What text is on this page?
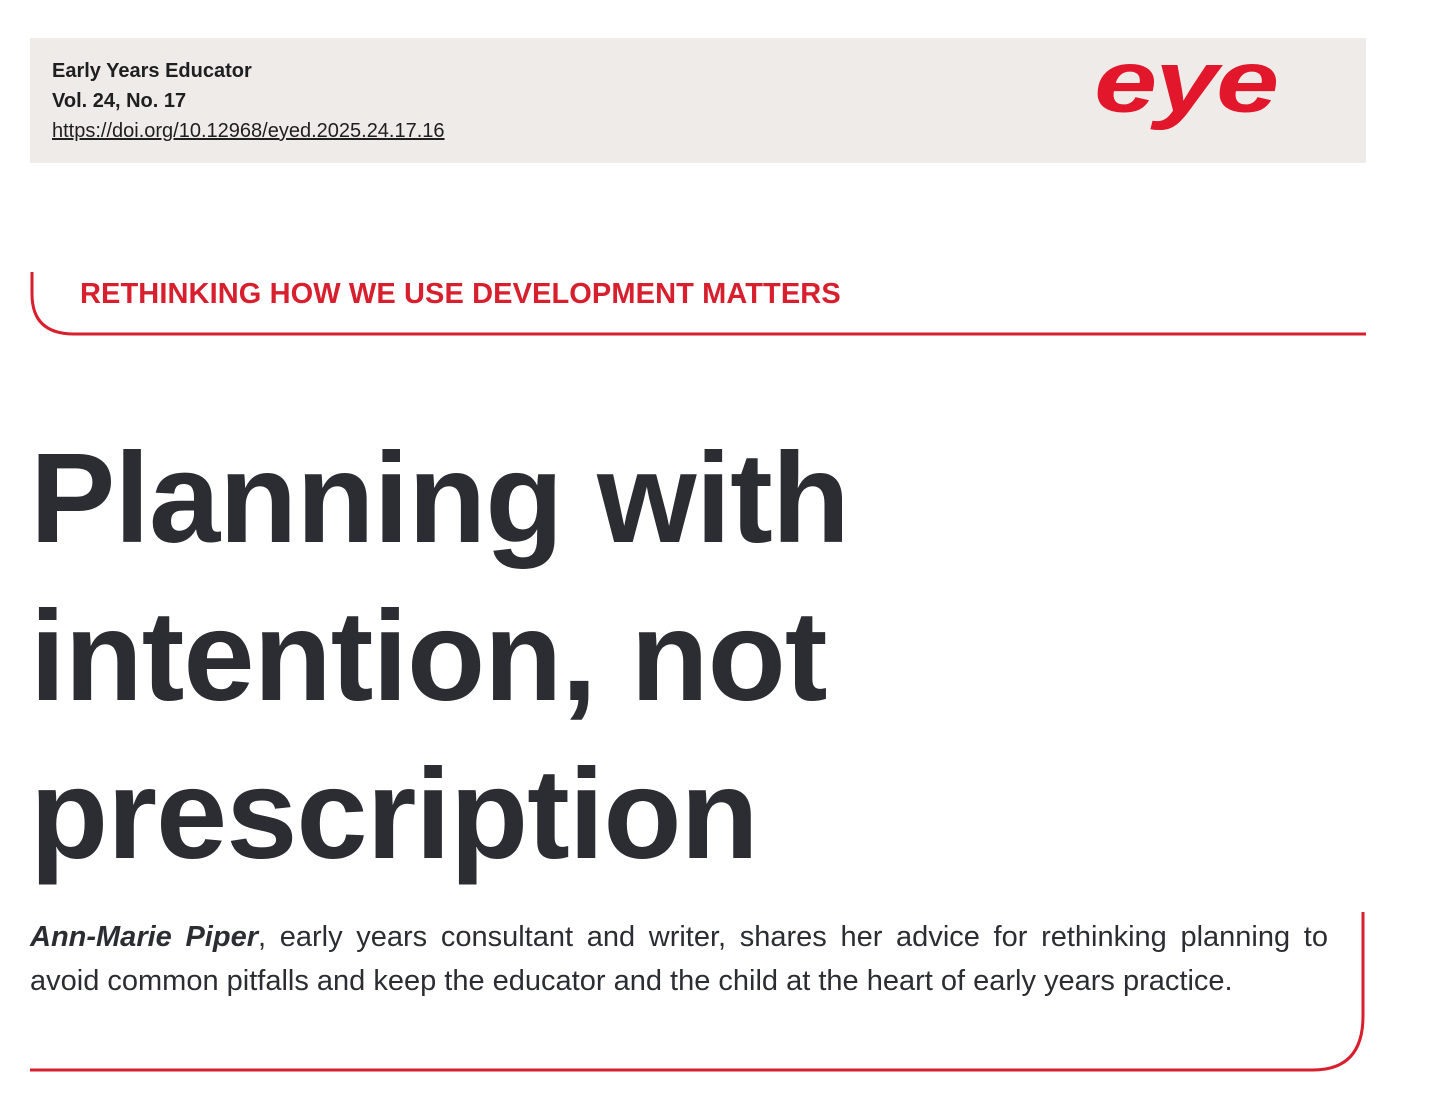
Early Years Educator
Vol. 24, No. 17
https://doi.org/10.12968/eyed.2025.24.17.16
eye
RETHINKING HOW WE USE DEVELOPMENT MATTERS
Planning with intention, not prescription

Ann-Marie Piper, early years consultant and writer, shares her advice for rethinking planning to avoid common pitfalls and keep the educator and the child at the heart of early years practice.
